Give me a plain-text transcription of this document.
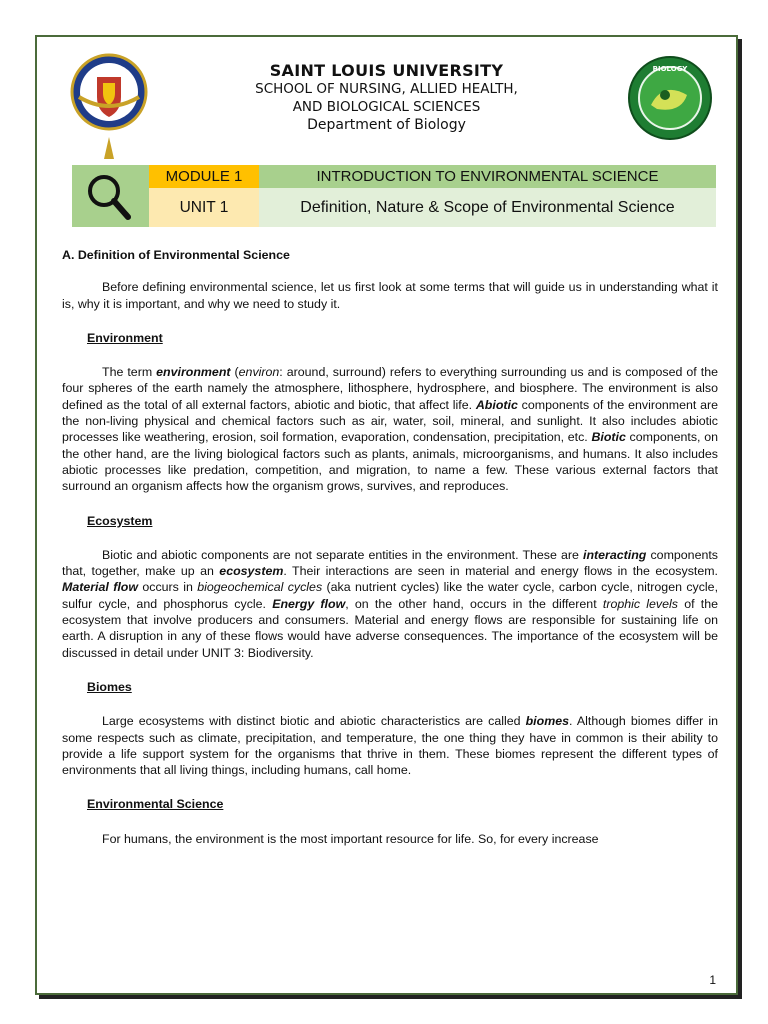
BIOLOGY
SAINT LOUIS UNIVERSITY
SCHOOL OF NURSING, ALLIED HEALTH,
AND BIOLOGICAL SCIENCES
Department of Biology
MODULE 1	INTRODUCTION TO ENVIRONMENTAL SCIENCE
UNIT 1	Definition, Nature & Scope of Environmental Science

A. Definition of Environmental Science

Before defining environmental science, let us first look at some terms that will guide us in understanding what it is, why it is important, and why we need to study it.

Environment

The term environment (environ: around, surround) refers to everything surrounding us and is composed of the four spheres of the earth namely the atmosphere, lithosphere, hydrosphere, and biosphere. The environment is also defined as the total of all external factors, abiotic and biotic, that affect life. Abiotic components of the environment are the non-living physical and chemical factors such as air, water, soil, mineral, and sunlight. It also includes abiotic processes like weathering, erosion, soil formation, evaporation, condensation, precipitation, etc. Biotic components, on the other hand, are the living biological factors such as plants, animals, microorganisms, and humans. It also includes abiotic processes like predation, competition, and migration, to name a few. These various external factors that surround an organism affects how the organism grows, survives, and reproduces.

Ecosystem

Biotic and abiotic components are not separate entities in the environment. These are interacting components that, together, make up an ecosystem. Their interactions are seen in material and energy flows in the ecosystem. Material flow occurs in biogeochemical cycles (aka nutrient cycles) like the water cycle, carbon cycle, nitrogen cycle, sulfur cycle, and phosphorus cycle. Energy flow, on the other hand, occurs in the different trophic levels of the ecosystem that involve producers and consumers. Material and energy flows are responsible for sustaining life on earth. A disruption in any of these flows would have adverse consequences. The importance of the ecosystem will be discussed in detail under UNIT 3: Biodiversity.

Biomes

Large ecosystems with distinct biotic and abiotic characteristics are called biomes. Although biomes differ in some respects such as climate, precipitation, and temperature, the one thing they have in common is their ability to provide a life support system for the organisms that thrive in them. These biomes represent the different types of environments that all living things, including humans, call home.

Environmental Science

For humans, the environment is the most important resource for life. So, for every increase

1
